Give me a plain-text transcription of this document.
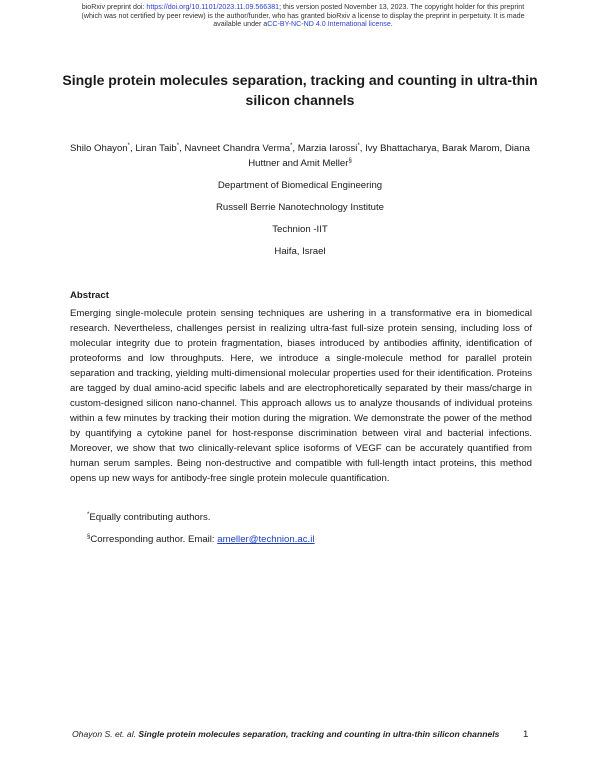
bioRxiv preprint doi: https://doi.org/10.1101/2023.11.09.566381; this version posted November 13, 2023. The copyright holder for this preprint
(which was not certified by peer review) is the author/funder, who has granted bioRxiv a license to display the preprint in perpetuity. It is made
available under aCC-BY-NC-ND 4.0 International license.
Single protein molecules separation, tracking and counting in ultra-thin silicon channels
Shilo Ohayon*, Liran Taib*, Navneet Chandra Verma*, Marzia Iarossi*, Ivy Bhattacharya, Barak Marom, Diana Huttner and Amit Meller§
Department of Biomedical Engineering
Russell Berrie Nanotechnology Institute
Technion -IIT
Haifa, Israel
Abstract
Emerging single-molecule protein sensing techniques are ushering in a transformative era in biomedical research. Nevertheless, challenges persist in realizing ultra-fast full-size protein sensing, including loss of molecular integrity due to protein fragmentation, biases introduced by antibodies affinity, identification of proteoforms and low throughputs. Here, we introduce a single-molecule method for parallel protein separation and tracking, yielding multi-dimensional molecular properties used for their identification. Proteins are tagged by dual amino-acid specific labels and are electrophoretically separated by their mass/charge in custom-designed silicon nano-channel. This approach allows us to analyze thousands of individual proteins within a few minutes by tracking their motion during the migration. We demonstrate the power of the method by quantifying a cytokine panel for host-response discrimination between viral and bacterial infections. Moreover, we show that two clinically-relevant splice isoforms of VEGF can be accurately quantified from human serum samples. Being non-destructive and compatible with full-length intact proteins, this method opens up new ways for antibody-free single protein molecule quantification.
*Equally contributing authors.
§Corresponding author. Email: ameller@technion.ac.il
Ohayon S. et. al. Single protein molecules separation, tracking and counting in ultra-thin silicon channels 1
